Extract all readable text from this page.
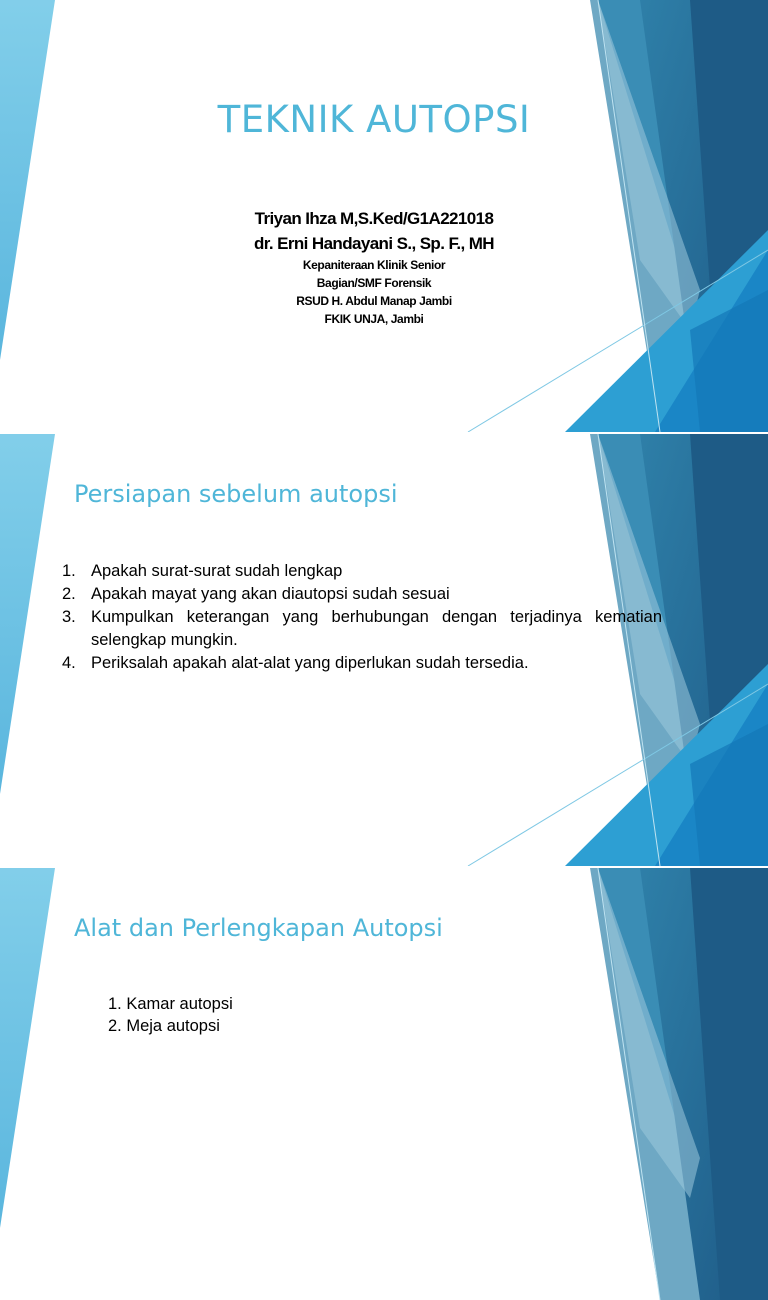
TEKNIK AUTOPSI
Triyan Ihza M,S.Ked/G1A221018
dr. Erni Handayani S., Sp. F., MH
Kepaniteraan Klinik Senior
Bagian/SMF Forensik
RSUD H. Abdul Manap Jambi
FKIK UNJA, Jambi
Persiapan sebelum autopsi
1. Apakah surat-surat sudah lengkap
2. Apakah mayat yang akan diautopsi sudah sesuai
3. Kumpulkan keterangan yang berhubungan dengan terjadinya kematian selengkap mungkin.
4. Periksalah apakah alat-alat yang diperlukan sudah tersedia.
Alat dan Perlengkapan Autopsi
1. Kamar autopsi
2. Meja autopsi
